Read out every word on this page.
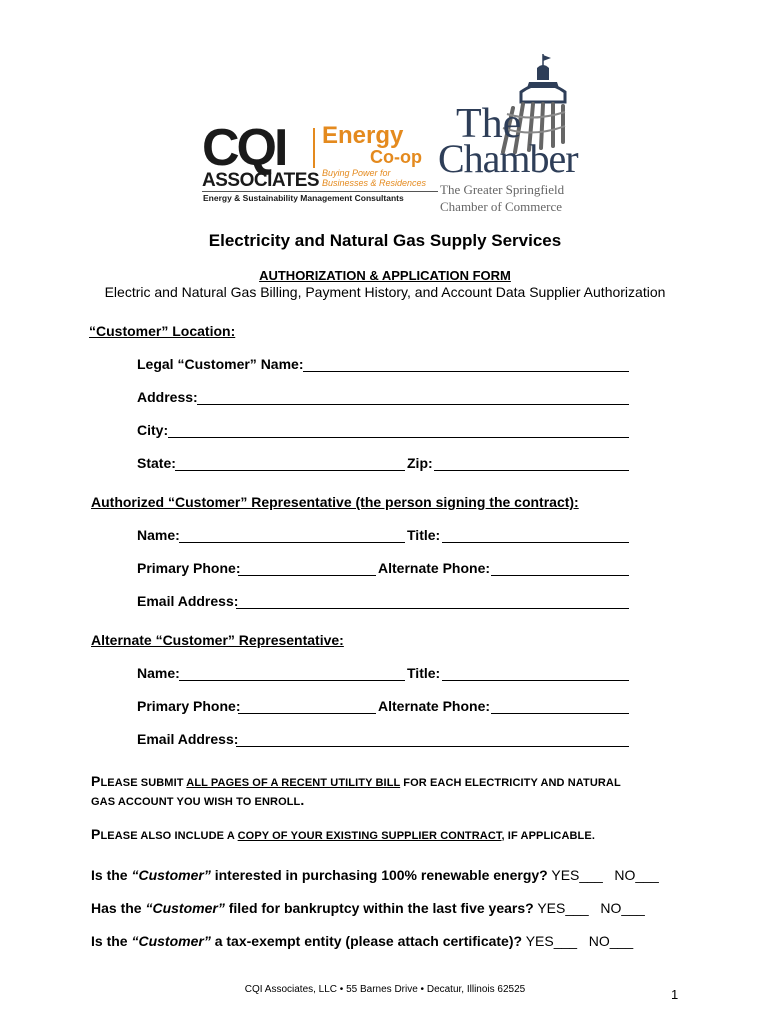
CQI
ASSOCIATES
Energy
Co-op
Buying Power for
Businesses & Residences
Energy & Sustainability Management Consultants
The
Chamber
The Greater Springfield
Chamber of Commerce
Electricity and Natural Gas Supply Services
AUTHORIZATION & APPLICATION FORM
Electric and Natural Gas Billing, Payment History, and Account Data Supplier Authorization
“Customer” Location:
Legal “Customer” Name:
Address:
City:
State:	Zip:
Authorized “Customer” Representative (the person signing the contract):
Name:	Title:
Primary Phone:	Alternate Phone:
Email Address:
Alternate “Customer” Representative:
Name:	Title:
Primary Phone:	Alternate Phone:
Email Address:
PLEASE SUBMIT ALL PAGES OF A RECENT UTILITY BILL FOR EACH ELECTRICITY AND NATURAL
GAS ACCOUNT YOU WISH TO ENROLL.
PLEASE ALSO INCLUDE A COPY OF YOUR EXISTING SUPPLIER CONTRACT, IF APPLICABLE.
Is the “Customer” interested in purchasing 100% renewable energy? YES___   NO___
Has the “Customer” filed for bankruptcy within the last five years? YES___   NO___
Is the “Customer” a tax-exempt entity (please attach certificate)? YES___   NO___
CQI Associates, LLC • 55 Barnes Drive • Decatur, Illinois 62525	1
